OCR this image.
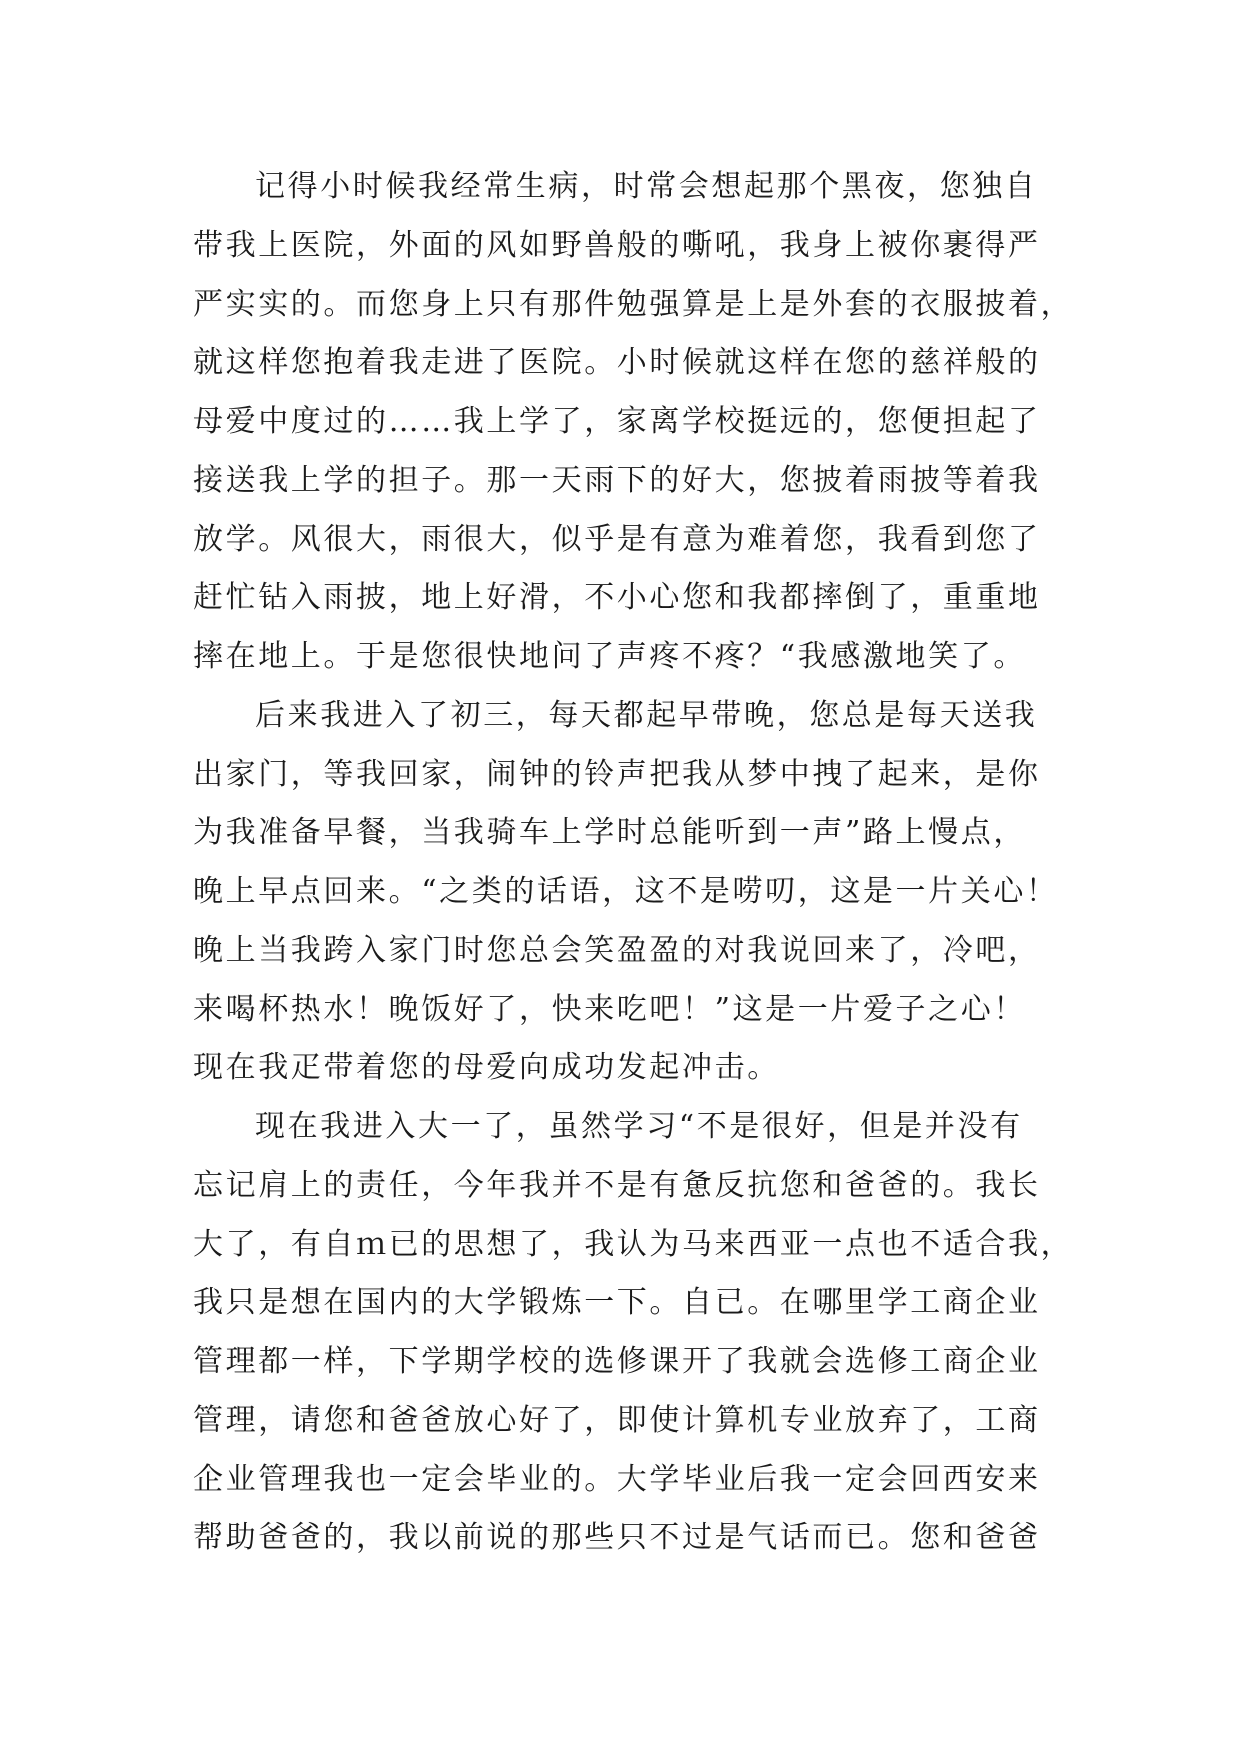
记得小时候我经常生病，时常会想起那个黑夜，您独自
带我上医院，外面的风如野兽般的嘶吼，我身上被你裹得严
严实实的。而您身上只有那件勉强算是上是外套的衣服披着，
就这样您抱着我走进了医院。小时候就这样在您的慈祥般的
母爱中度过的……我上学了，家离学校挺远的，您便担起了
接送我上学的担子。那一天雨下的好大，您披着雨披等着我
放学。风很大，雨很大，似乎是有意为难着您，我看到您了
赶忙钻入雨披，地上好滑，不小心您和我都摔倒了，重重地
摔在地上。于是您很快地问了声疼不疼？“我感激地笑了。
后来我进入了初三，每天都起早带晚，您总是每天送我
出家门，等我回家，闹钟的铃声把我从梦中拽了起来，是你
为我准备早餐，当我骑车上学时总能听到一声”路上慢点，
晚上早点回来。“之类的话语，这不是唠叨，这是一片关心！
晚上当我跨入家门时您总会笑盈盈的对我说回来了，冷吧，
来喝杯热水！晚饭好了，快来吃吧！”这是一片爱子之心！
现在我疋带着您的母爱向成功发起冲击。
现在我进入大一了，虽然学习“不是很好，但是并没有
忘记肩上的责任，今年我并不是有惫反抗您和爸爸的。我长
大了，有自ｍ已的思想了，我认为马来西亚一点也不适合我，
我只是想在国内的大学锻炼一下。自已。在哪里学工商企业
管理都一样，下学期学校的选修课开了我就会选修工商企业
管理，请您和爸爸放心好了，即使计算机专业放弃了，工商
企业管理我也一定会毕业的。大学毕业后我一定会回西安来
帮助爸爸的，我以前说的那些只不过是气话而已。您和爸爸
